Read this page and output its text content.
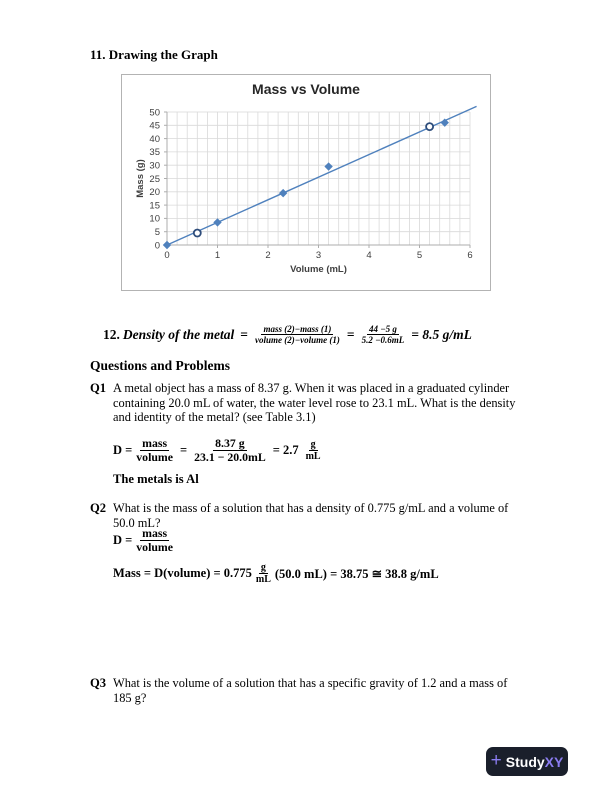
11. Drawing the Graph
Mass vs Volume
0	1	2	3	4	5	6
0
5
10
15
20
25
30
35
40
45
50
Volume (mL)
Mass (g)
12. Density of the metal = $\frac{\text{mass (2)−mass (1)}}{\text{volume (2)−volume (1)}} = \frac{44 -5 g}{5.2 -0.6mL} = 8.5$ g/mL
Questions and Problems
Q1 A metal object has a mass of 8.37 g. When it was placed in a graduated cylinder containing 20.0 mL of water, the water level rose to 23.1 mL. What is the density and identity of the metal? (see Table 3.1)
$D = \frac{\text{mass}}{\text{volume}} = \frac{8.37 g}{23.1 - 20.0mL} = 2.7 \frac{g}{mL}$
The metals is Al
Q2 What is the mass of a solution that has a density of 0.775 g/mL and a volume of 50.0 mL?
$D = \frac{\text{mass}}{\text{volume}}$
Mass = D(volume) = $0.775 \frac{g}{mL} (50.0$ mL) = 38.75 ≅ 38.8 g/mL
Q3 What is the volume of a solution that has a specific gravity of 1.2 and a mass of 185 g?
+ Study XY
